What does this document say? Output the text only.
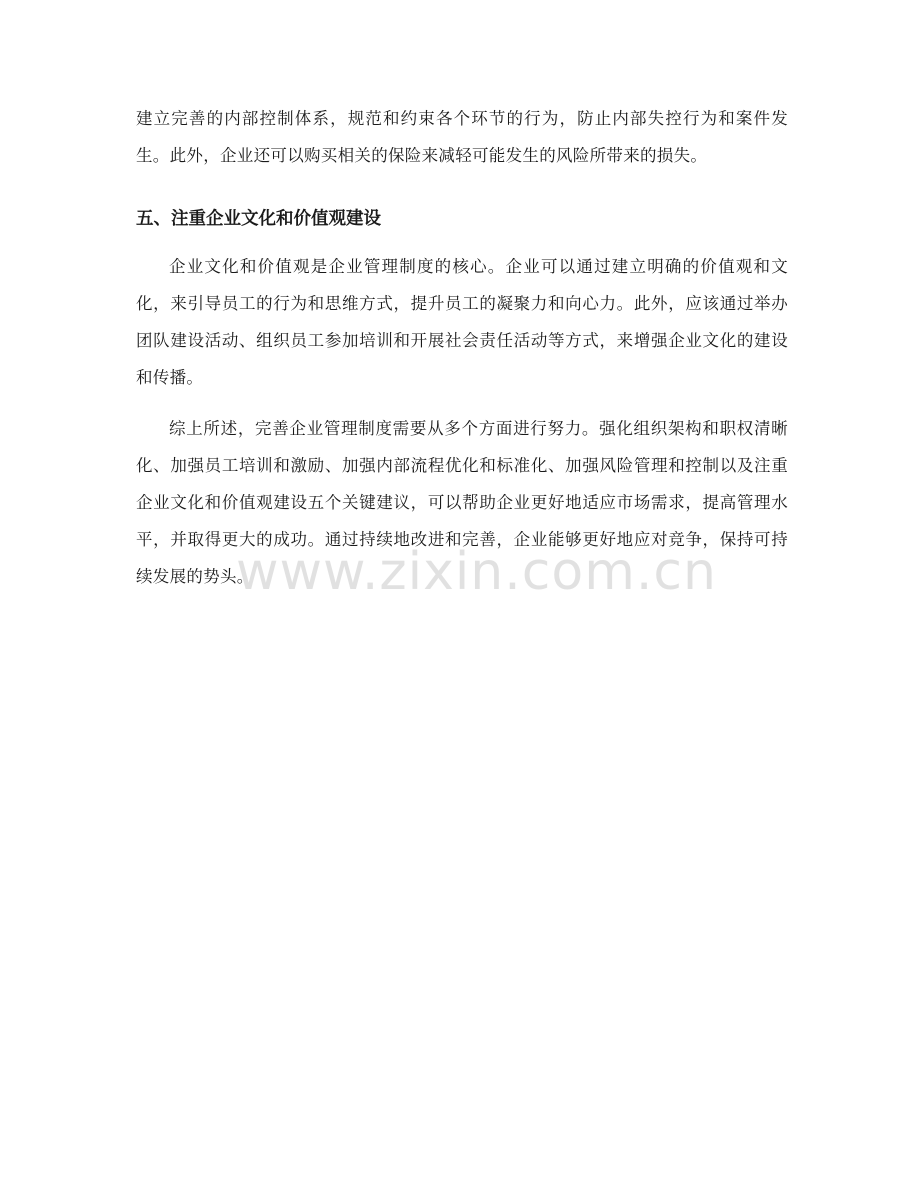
建立完善的内部控制体系，规范和约束各个环节的行为，防止内部失控行为和案件发生。此外，企业还可以购买相关的保险来减轻可能发生的风险所带来的损失。

五、注重企业文化和价值观建设

企业文化和价值观是企业管理制度的核心。企业可以通过建立明确的价值观和文化，来引导员工的行为和思维方式，提升员工的凝聚力和向心力。此外，应该通过举办团队建设活动、组织员工参加培训和开展社会责任活动等方式，来增强企业文化的建设和传播。

综上所述，完善企业管理制度需要从多个方面进行努力。强化组织架构和职权清晰化、加强员工培训和激励、加强内部流程优化和标准化、加强风险管理和控制以及注重企业文化和价值观建设五个关键建议，可以帮助企业更好地适应市场需求，提高管理水平，并取得更大的成功。通过持续地改进和完善，企业能够更好地应对竞争，保持可持续发展的势头。

www.zixin.com.cn
